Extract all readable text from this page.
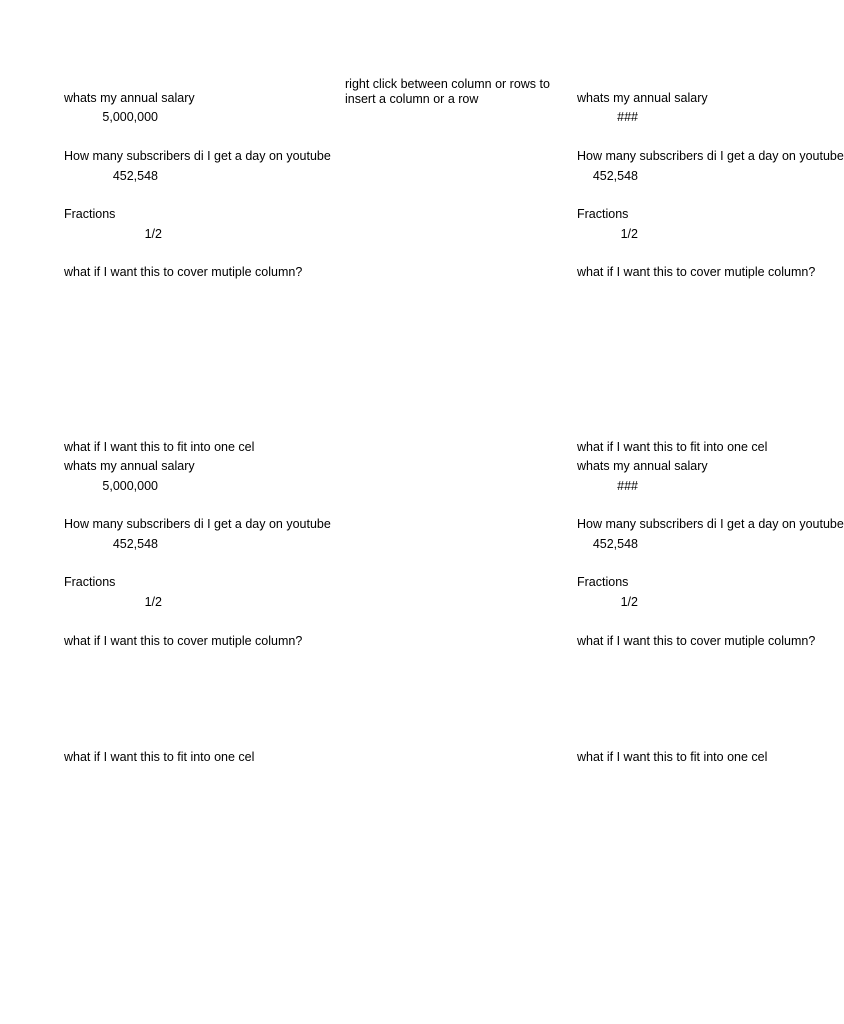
right click between column or rows to
insert a column or a row
whats my annual salary
5,000,000
How many subscribers di I get a day on youtube
452,548
Fractions
1/2
what if I want this to cover mutiple column?
what if I want this to fit into one cel
whats my annual salary
5,000,000
How many subscribers di I get a day on youtube
452,548
Fractions
1/2
what if I want this to cover mutiple column?
what if I want this to fit into one cel
whats my annual salary
###
How many subscribers di I get a day on youtube
452,548
Fractions
1/2
what if I want this to cover mutiple column?
what if I want this to fit into one cel
whats my annual salary
###
How many subscribers di I get a day on youtube
452,548
Fractions
1/2
what if I want this to cover mutiple column?
what if I want this to fit into one cel
